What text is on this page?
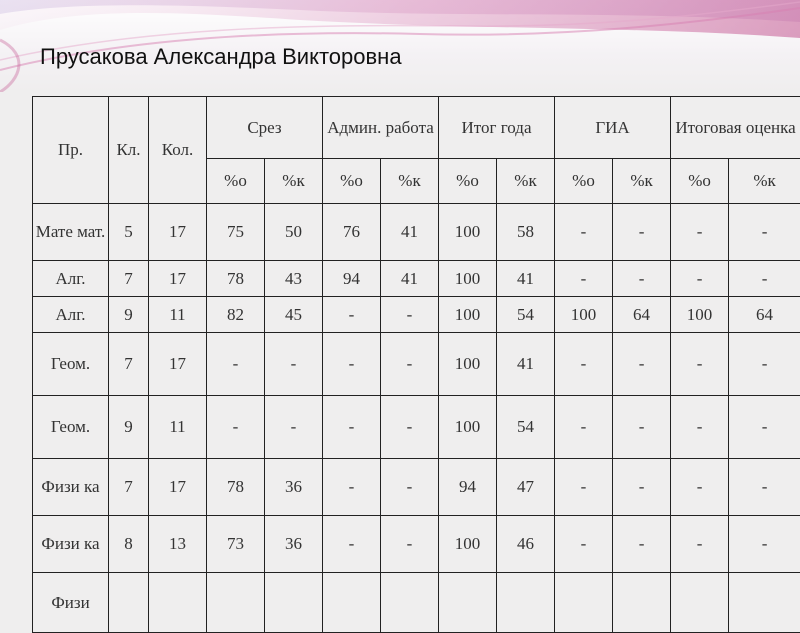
Прусакова Александра Викторовна
Пр.	Кл.	Кол.	Срез		Админ. работа		Итог года		ГИА		Итоговая оценка	
			%о	%к	%о	%к	%о	%к	%о	%к	%о	%к
Мате мат.	5	17	75	50	76	41	100	58	-	-	-	-
Алг.	7	17	78	43	94	41	100	41	-	-	-	-
Алг.	9	11	82	45	-	-	100	54	100	64	100	64
Геом.	7	17	-	-	-	-	100	41	-	-	-	-
Геом.	9	11	-	-	-	-	100	54	-	-	-	-
Физи ка	7	17	78	36	-	-	94	47	-	-	-	-
Физи ка	8	13	73	36	-	-	100	46	-	-	-	-
Физи												
